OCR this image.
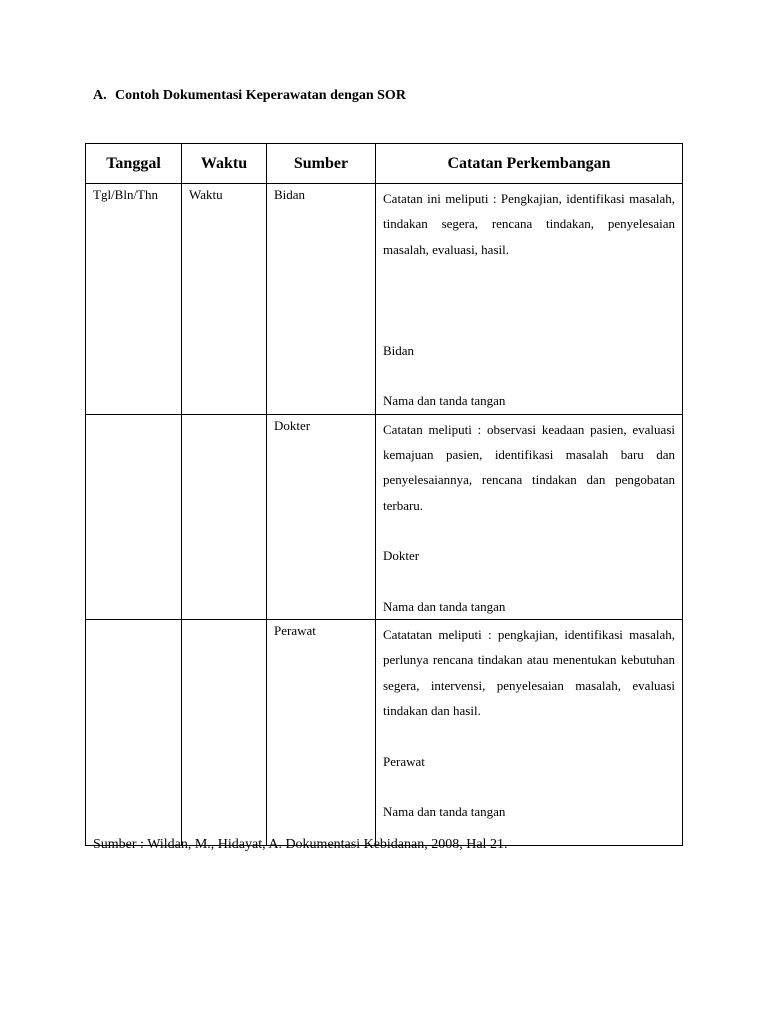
A. Contoh Dokumentasi Keperawatan dengan SOR
Tanggal	Waktu	Sumber	Catatan Perkembangan
Tgl/Bln/Thn	Waktu	Bidan	Catatan ini meliputi : Pengkajian, identifikasi masalah, tindakan segera, rencana tindakan, penyelesaian masalah, evaluasi, hasil.

Bidan

Nama dan tanda tangan

		Dokter	Catatan meliputi : observasi keadaan pasien, evaluasi kemajuan pasien, identifikasi masalah baru dan penyelesaiannya, rencana tindakan dan pengobatan terbaru.

Dokter

Nama dan tanda tangan

		Perawat	Catatatan meliputi : pengkajian, identifikasi masalah, perlunya rencana tindakan atau menentukan kebutuhan segera, intervensi, penyelesaian masalah, evaluasi tindakan dan hasil.

Perawat

Nama dan tanda tangan

Sumber : Wildan, M., Hidayat, A. Dokumentasi Kebidanan, 2008, Hal 21.
